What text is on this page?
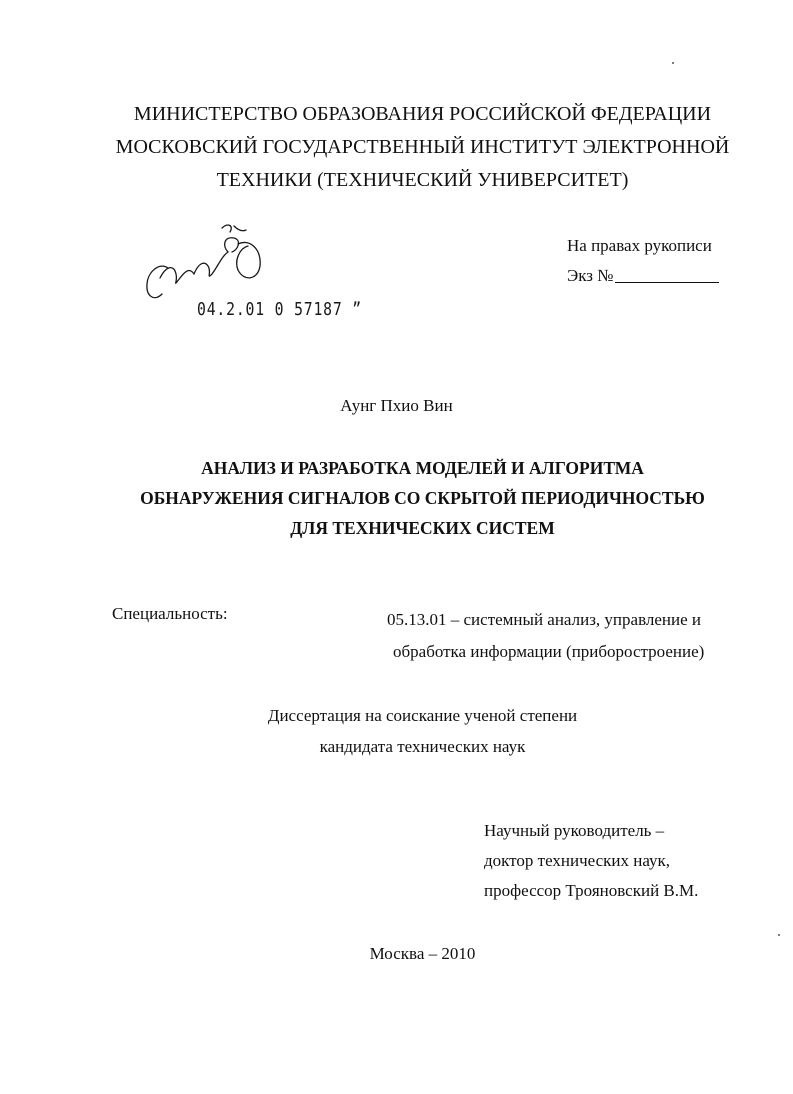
МИНИСТЕРСТВО ОБРАЗОВАНИЯ РОССИЙСКОЙ ФЕДЕРАЦИИ
МОСКОВСКИЙ ГОСУДАРСТВЕННЫЙ ИНСТИТУТ ЭЛЕКТРОННОЙ
ТЕХНИКИ (ТЕХНИЧЕСКИЙ УНИВЕРСИТЕТ)
04.2.01 0 57187 ˮ
На правах рукописи
Экз №
Аунг Пхио Вин
АНАЛИЗ И РАЗРАБОТКА МОДЕЛЕЙ И АЛГОРИТМА
ОБНАРУЖЕНИЯ СИГНАЛОВ СО СКРЫТОЙ ПЕРИОДИЧНОСТЬЮ
ДЛЯ ТЕХНИЧЕСКИХ СИСТЕМ
Специальность:	05.13.01 – системный анализ, управление и
обработка информации (приборостроение)
Диссертация на соискание ученой степени
кандидата технических наук
Научный руководитель –
доктор технических наук,
профессор Трояновский В.М.
Москва – 2010
